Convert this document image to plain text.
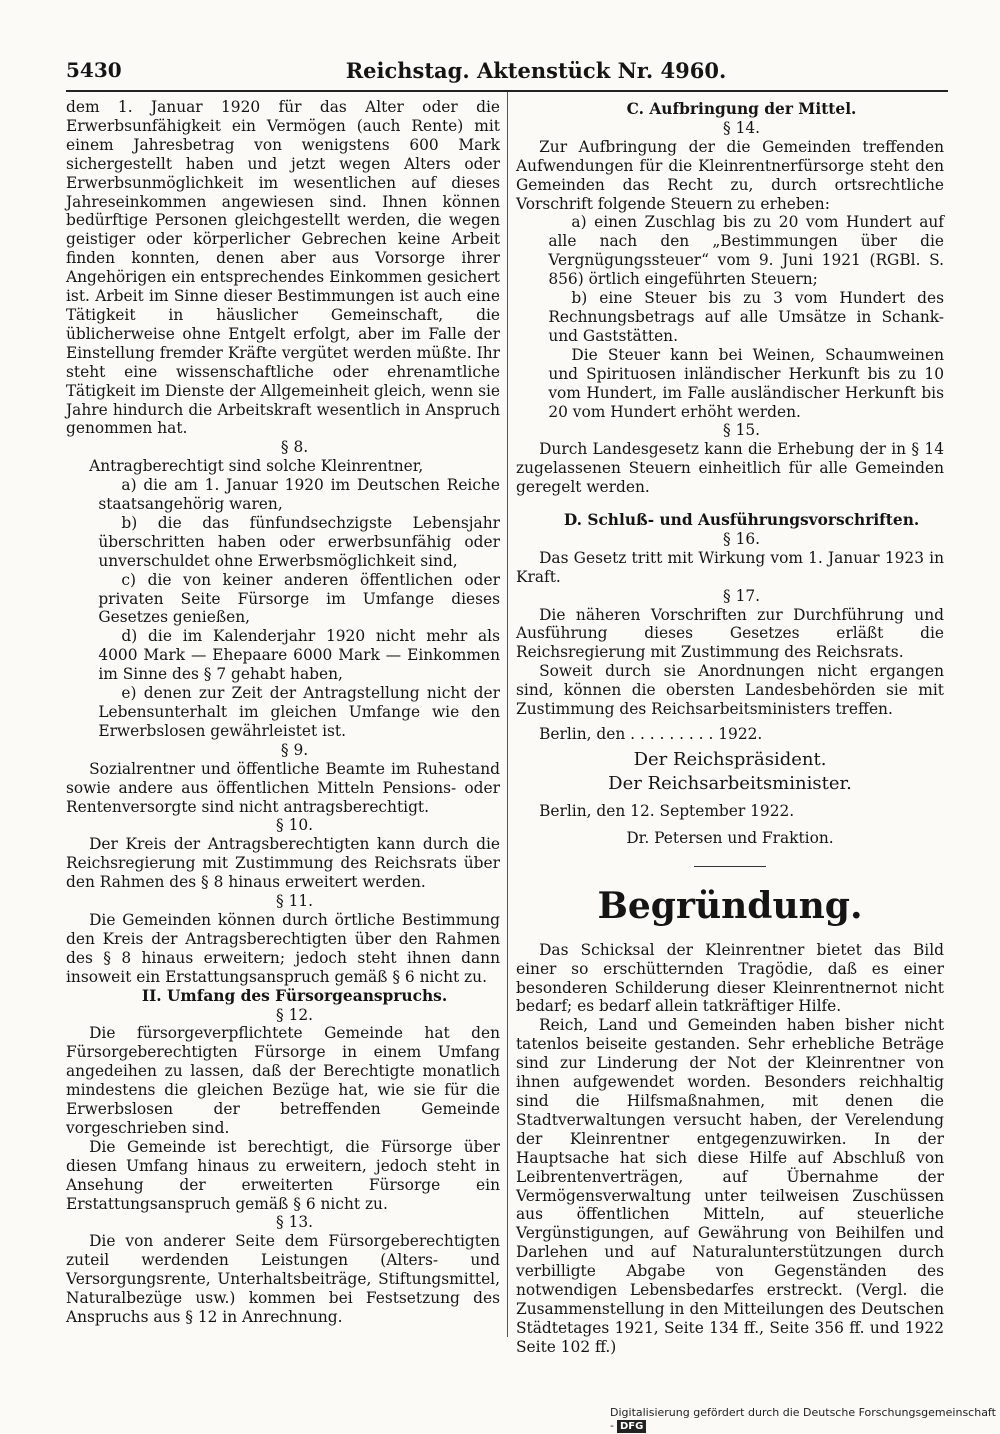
5430	Reichstag. Aktenstück Nr. 4960.

dem 1. Januar 1920 für das Alter oder die Erwerbsunfähigkeit ein Vermögen (auch Rente) mit einem Jahresbetrag von wenigstens 600 Mark sichergestellt haben und jetzt wegen Alters oder Erwerbsunmöglichkeit im wesentlichen auf dieses Jahreseinkommen angewiesen sind. Ihnen können bedürftige Personen gleichgestellt werden, die wegen geistiger oder körperlicher Gebrechen keine Arbeit finden konnten, denen aber aus Vorsorge ihrer Angehörigen ein entsprechendes Einkommen gesichert ist. Arbeit im Sinne dieser Bestimmungen ist auch eine Tätigkeit in häuslicher Gemeinschaft, die üblicherweise ohne Entgelt erfolgt, aber im Falle der Einstellung fremder Kräfte vergütet werden müßte. Ihr steht eine wissenschaftliche oder ehrenamtliche Tätigkeit im Dienste der Allgemeinheit gleich, wenn sie Jahre hindurch die Arbeitskraft wesentlich in Anspruch genommen hat.

§ 8.

Antragberechtigt sind solche Kleinrentner,

a) die am 1. Januar 1920 im Deutschen Reiche staatsangehörig waren,

b) die das fünfundsechzigste Lebensjahr überschritten haben oder erwerbsunfähig oder unverschuldet ohne Erwerbsmöglichkeit sind,

c) die von keiner anderen öffentlichen oder privaten Seite Fürsorge im Umfange dieses Gesetzes genießen,

d) die im Kalenderjahr 1920 nicht mehr als 4000 Mark — Ehepaare 6000 Mark — Einkommen im Sinne des § 7 gehabt haben,

e) denen zur Zeit der Antragstellung nicht der Lebensunterhalt im gleichen Umfange wie den Erwerbslosen gewährleistet ist.

§ 9.

Sozialrentner und öffentliche Beamte im Ruhestand sowie andere aus öffentlichen Mitteln Pensions- oder Rentenversorgte sind nicht antragsberechtigt.

§ 10.

Der Kreis der Antragsberechtigten kann durch die Reichsregierung mit Zustimmung des Reichsrats über den Rahmen des § 8 hinaus erweitert werden.

§ 11.

Die Gemeinden können durch örtliche Bestimmung den Kreis der Antragsberechtigten über den Rahmen des § 8 hinaus erweitern; jedoch steht ihnen dann insoweit ein Erstattungsanspruch gemäß § 6 nicht zu.

II. Umfang des Fürsorgeanspruchs.

§ 12.

Die fürsorgeverpflichtete Gemeinde hat den Fürsorgeberechtigten Fürsorge in einem Umfang angedeihen zu lassen, daß der Berechtigte monatlich mindestens die gleichen Bezüge hat, wie sie für die Erwerbslosen der betreffenden Gemeinde vorgeschrieben sind.

Die Gemeinde ist berechtigt, die Fürsorge über diesen Umfang hinaus zu erweitern, jedoch steht in Ansehung der erweiterten Fürsorge ein Erstattungsanspruch gemäß § 6 nicht zu.

§ 13.

Die von anderer Seite dem Fürsorgeberechtigten zuteil werdenden Leistungen (Alters- und Versorgungsrente, Unterhaltsbeiträge, Stiftungsmittel, Naturalbezüge usw.) kommen bei Festsetzung des Anspruchs aus § 12 in Anrechnung.

C. Aufbringung der Mittel.

§ 14.

Zur Aufbringung der die Gemeinden treffenden Aufwendungen für die Kleinrentnerfürsorge steht den Gemeinden das Recht zu, durch ortsrechtliche Vorschrift folgende Steuern zu erheben:

a) einen Zuschlag bis zu 20 vom Hundert auf alle nach den „Bestimmungen über die Vergnügungssteuer“ vom 9. Juni 1921 (RGBl. S. 856) örtlich eingeführten Steuern;

b) eine Steuer bis zu 3 vom Hundert des Rechnungsbetrags auf alle Umsätze in Schank- und Gaststätten.

Die Steuer kann bei Weinen, Schaumweinen und Spirituosen inländischer Herkunft bis zu 10 vom Hundert, im Falle ausländischer Herkunft bis 20 vom Hundert erhöht werden.

§ 15.

Durch Landesgesetz kann die Erhebung der in § 14 zugelassenen Steuern einheitlich für alle Gemeinden geregelt werden.

D. Schluß- und Ausführungsvorschriften.

§ 16.

Das Gesetz tritt mit Wirkung vom 1. Januar 1923 in Kraft.

§ 17.

Die näheren Vorschriften zur Durchführung und Ausführung dieses Gesetzes erläßt die Reichsregierung mit Zustimmung des Reichsrats.

Soweit durch sie Anordnungen nicht ergangen sind, können die obersten Landesbehörden sie mit Zustimmung des Reichsarbeitsministers treffen.

Berlin, den . . . . . . . . . 1922.

Der Reichspräsident.
Der Reichsarbeitsminister.

Berlin, den 12. September 1922.

Dr. Petersen und Fraktion.

Begründung.

Das Schicksal der Kleinrentner bietet das Bild einer so erschütternden Tragödie, daß es einer besonderen Schilderung dieser Kleinrentnernot nicht bedarf; es bedarf allein tatkräftiger Hilfe.

Reich, Land und Gemeinden haben bisher nicht tatenlos beiseite gestanden. Sehr erhebliche Beträge sind zur Linderung der Not der Kleinrentner von ihnen aufgewendet worden. Besonders reichhaltig sind die Hilfsmaßnahmen, mit denen die Stadtverwaltungen versucht haben, der Verelendung der Kleinrentner entgegenzuwirken. In der Hauptsache hat sich diese Hilfe auf Abschluß von Leibrentenverträgen, auf Übernahme der Vermögensverwaltung unter teilweisen Zuschüssen aus öffentlichen Mitteln, auf steuerliche Vergünstigungen, auf Gewährung von Beihilfen und Darlehen und auf Naturalunterstützungen durch verbilligte Abgabe von Gegenständen des notwendigen Lebensbedarfes erstreckt. (Vergl. die Zusammenstellung in den Mitteilungen des Deutschen Städtetages 1921, Seite 134 ff., Seite 356 ff. und 1922 Seite 102 ff.)

Digitalisierung gefördert durch die Deutsche Forschungsgemeinschaft - DFG
